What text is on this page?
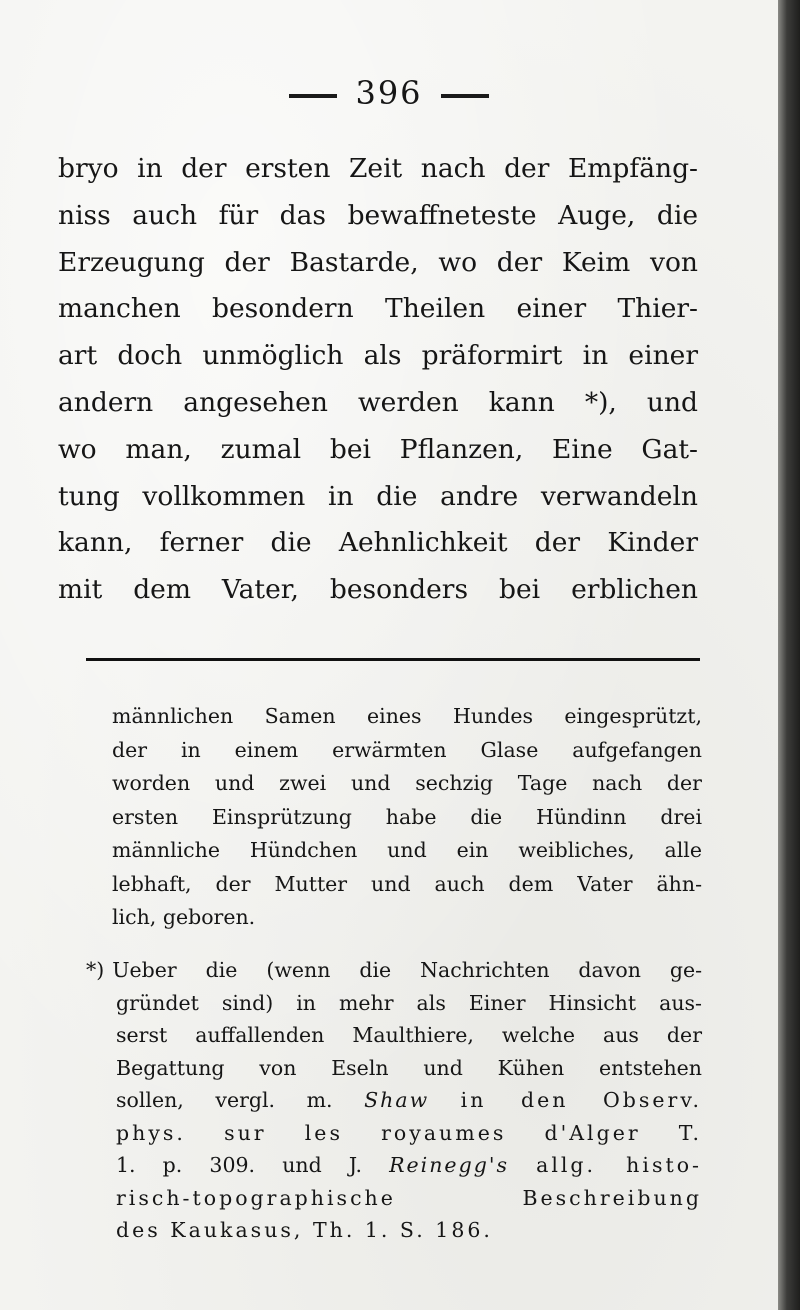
396
bryo in der ersten Zeit nach der Empfäng-
niss auch für das bewaffneteste Auge, die
Erzeugung der Bastarde, wo der Keim von
manchen besondern Theilen einer Thier-
art doch unmöglich als präformirt in einer
andern angesehen werden kann *), und
wo man, zumal bei Pflanzen, Eine Gat-
tung vollkommen in die andre verwandeln
kann, ferner die Aehnlichkeit der Kinder
mit dem Vater, besonders bei erblichen
männlichen Samen eines Hundes eingesprützt,
der in einem erwärmten Glase aufgefangen
worden und zwei und sechzig Tage nach der
ersten Einsprützung habe die Hündinn drei
männliche Hündchen und ein weibliches, alle
lebhaft, der Mutter und auch dem Vater ähn-
lich, geboren.
*) Ueber die (wenn die Nachrichten davon ge-
gründet sind) in mehr als Einer Hinsicht aus-
serst auffallenden Maulthiere, welche aus der
Begattung von Eseln und Kühen entstehen
sollen, vergl. m. Shaw in den Observ.
phys. sur les royaumes d'Alger T.
1. p. 309. und J. Reinegg's allg. histo-
risch-topographische Beschreibung
des Kaukasus, Th. 1. S. 186.
